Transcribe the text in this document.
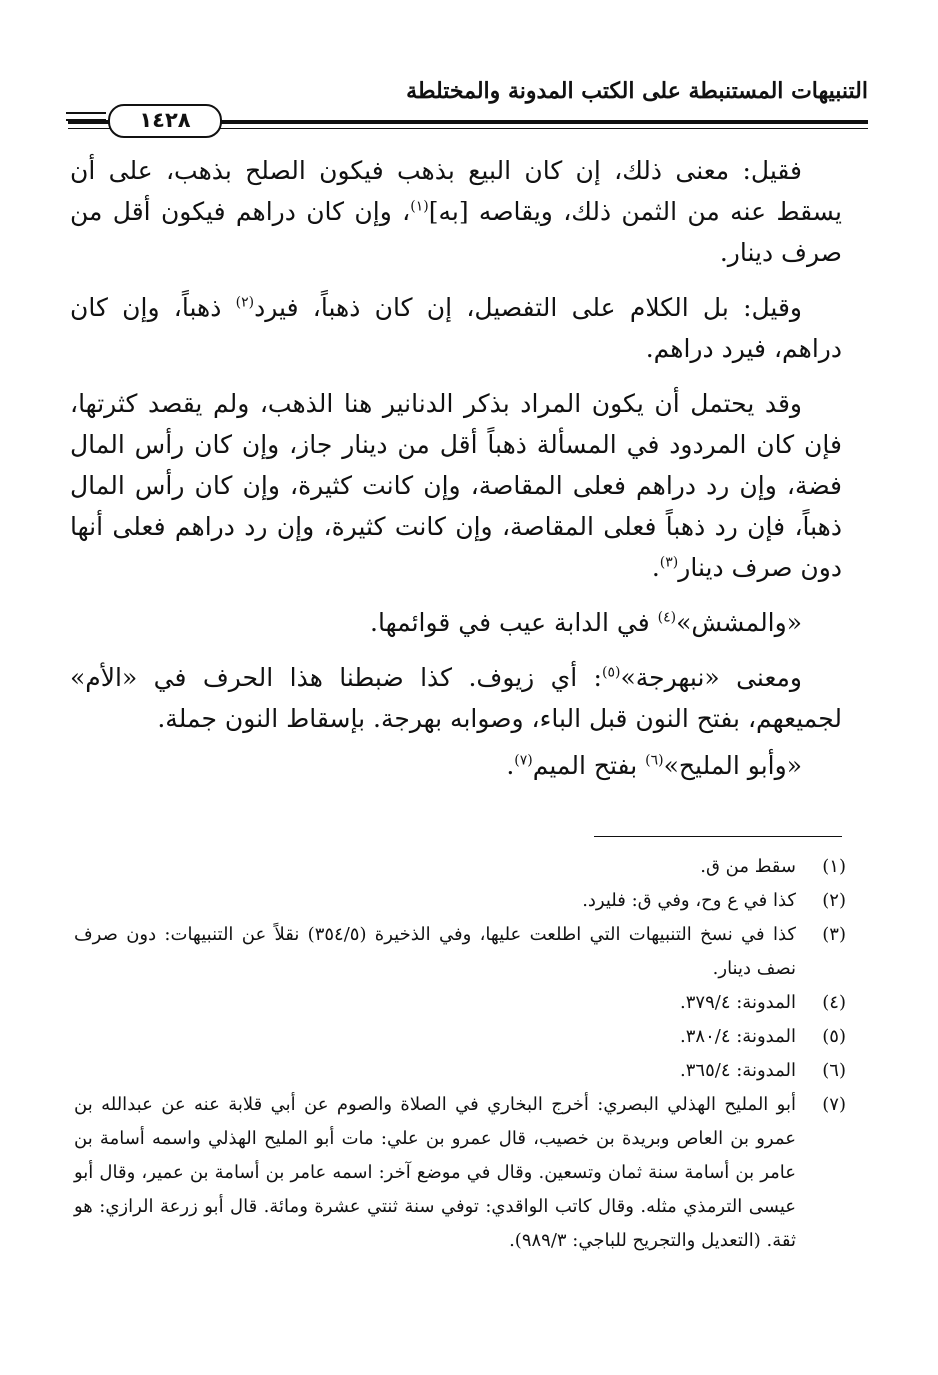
التنبيهات المستنبطة على الكتب المدونة والمختلطة
١٤٢٨

فقيل: معنى ذلك، إن كان البيع بذهب فيكون الصلح بذهب، على أن يسقط عنه من الثمن ذلك، ويقاصه [به]$^{(١)}$، وإن كان دراهم فيكون أقل من صرف دينار.

وقيل: بل الكلام على التفصيل، إن كان ذهباً، فيرد$^{(٢)}$ ذهباً، وإن كان دراهم، فيرد دراهم.

وقد يحتمل أن يكون المراد بذكر الدنانير هنا الذهب، ولم يقصد كثرتها، فإن كان المردود في المسألة ذهباً أقل من دينار جاز، وإن كان رأس المال فضة، وإن رد دراهم فعلى المقاصة، وإن كانت كثيرة، وإن كان رأس المال ذهباً، فإن رد ذهباً فعلى المقاصة، وإن كانت كثيرة، وإن رد دراهم فعلى أنها دون صرف دينار$^{(٣)}$.

«والمشش»$^{(٤)}$ في الدابة عيب في قوائمها.

ومعنى «نبهرجة»$^{(٥)}$: أي زيوف. كذا ضبطنا هذا الحرف في «الأم» لجميعهم، بفتح النون قبل الباء، وصوابه بهرجة. بإسقاط النون جملة.

«وأبو المليح»$^{(٦)}$ بفتح الميم$^{(٧)}$.

(١)
سقط من ق.
(٢)
كذا في ع وح، وفي ق: فليرد.
(٣)
كذا في نسخ التنبيهات التي اطلعت عليها، وفي الذخيرة (٣٥٤/٥) نقلاً عن التنبيهات: دون صرف نصف دينار.
(٤)
المدونة: ٣٧٩/٤.
(٥)
المدونة: ٣٨٠/٤.
(٦)
المدونة: ٣٦٥/٤.
(٧)
أبو المليح الهذلي البصري: أخرج البخاري في الصلاة والصوم عن أبي قلابة عنه عن عبدالله بن عمرو بن العاص وبريدة بن خصيب، قال عمرو بن علي: مات أبو المليح الهذلي واسمه أسامة بن عامر بن أسامة سنة ثمان وتسعين. وقال في موضع آخر: اسمه عامر بن أسامة بن عمير، وقال أبو عيسى الترمذي مثله. وقال كاتب الواقدي: توفي سنة ثنتي عشرة ومائة. قال أبو زرعة الرازي: هو ثقة. (التعديل والتجريح للباجي: ٩٨٩/٣).
